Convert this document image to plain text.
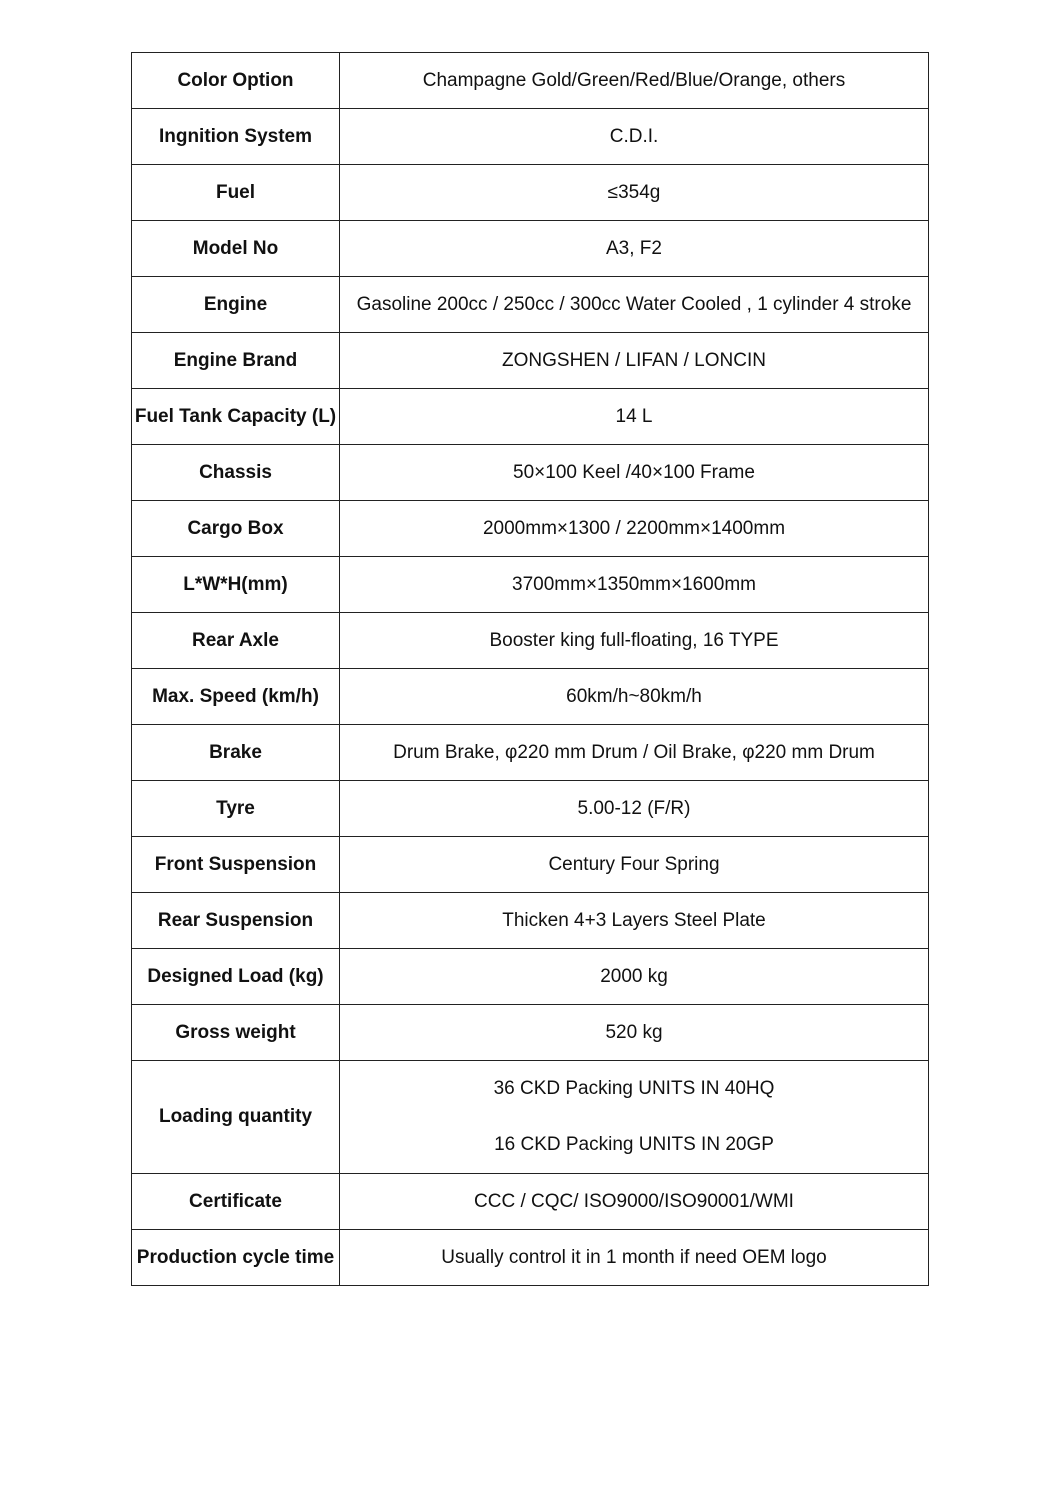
Color Option	Champagne Gold/Green/Red/Blue/Orange, others
Ingnition System	C.D.I.
Fuel	≤354g
Model No	A3, F2
Engine	Gasoline 200cc / 250cc / 300cc Water Cooled , 1 cylinder 4 stroke
Engine Brand	ZONGSHEN / LIFAN / LONCIN
Fuel Tank Capacity (L)	14 L
Chassis	50×100 Keel /40×100 Frame
Cargo Box	2000mm×1300 / 2200mm×1400mm
L*W*H(mm)	3700mm×1350mm×1600mm
Rear Axle	Booster king full-floating, 16 TYPE
Max. Speed (km/h)	60km/h~80km/h
Brake	Drum Brake, φ220 mm Drum / Oil Brake, φ220 mm Drum
Tyre	5.00-12 (F/R)
Front Suspension	Century Four Spring
Rear Suspension	Thicken 4+3 Layers Steel Plate
Designed Load (kg)	2000 kg
Gross weight	520 kg
Loading quantity	36 CKD Packing UNITS IN 40HQ
16 CKD Packing UNITS IN 20GP

Certificate	CCC / CQC/ ISO9000/ISO90001/WMI
Production cycle time	Usually control it in 1 month if need OEM logo
